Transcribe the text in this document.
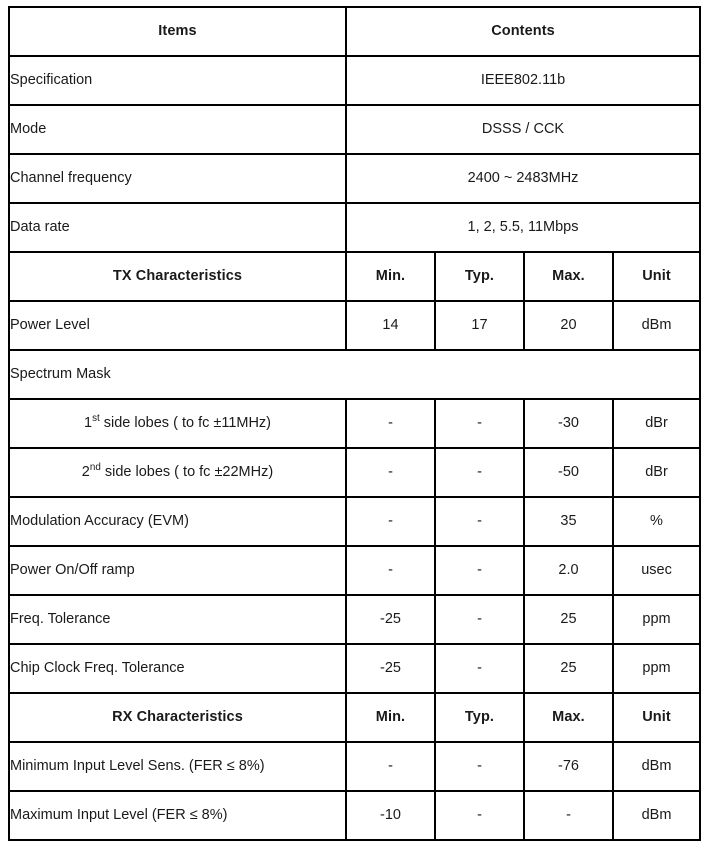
Items	Contents			
Specification	IEEE802.11b			
Mode	DSSS / CCK			
Channel frequency	2400 ~ 2483MHz			
Data rate	1, 2, 5.5, 11Mbps			
TX Characteristics	Min.	Typ.	Max.	Unit
Power Level	14	17	20	dBm
Spectrum Mask				
1st side lobes ( to fc ±11MHz)	-	-	-30	dBr
2nd side lobes ( to fc ±22MHz)	-	-	-50	dBr
Modulation Accuracy (EVM)	-	-	35	%
Power On/Off ramp	-	-	2.0	usec
Freq. Tolerance	-25	-	25	ppm
Chip Clock Freq. Tolerance	-25	-	25	ppm
RX Characteristics	Min.	Typ.	Max.	Unit
Minimum Input Level Sens. (FER ≤ 8%)	-	-	-76	dBm
Maximum Input Level (FER ≤ 8%)	-10	-	-	dBm
